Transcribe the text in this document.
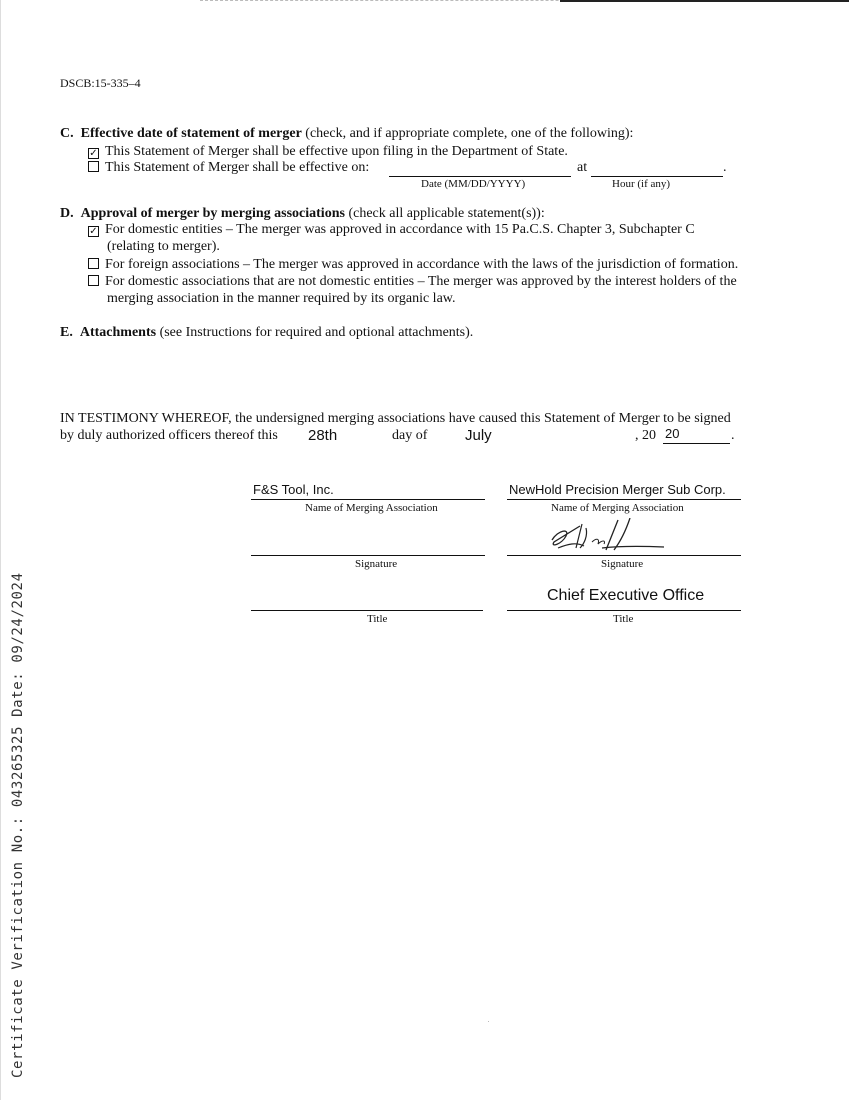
DSCB:15-335–4
C. Effective date of statement of merger (check, and if appropriate complete, one of the following):
✓ This Statement of Merger shall be effective upon filing in the Department of State.
This Statement of Merger shall be effective on:	at	.
Date (MM/DD/YYYY)	Hour (if any)
D. Approval of merger by merging associations (check all applicable statement(s)):
✓ For domestic entities – The merger was approved in accordance with 15 Pa.C.S. Chapter 3, Subchapter C
(relating to merger).
For foreign associations – The merger was approved in accordance with the laws of the jurisdiction of formation.
For domestic associations that are not domestic entities – The merger was approved by the interest holders of the
merging association in the manner required by its organic law.
E. Attachments (see Instructions for required and optional attachments).
IN TESTIMONY WHEREOF, the undersigned merging associations have caused this Statement of Merger to be signed
by duly authorized officers thereof this 28th	day of	July	, 20 20	.
F&S Tool, Inc.
Name of Merging Association
Signature
Title
NewHold Precision Merger Sub Corp.
Name of Merging Association
Signature
Chief Executive Office
Title
Certificate Verification No.: 043265325 Date: 09/24/2024
